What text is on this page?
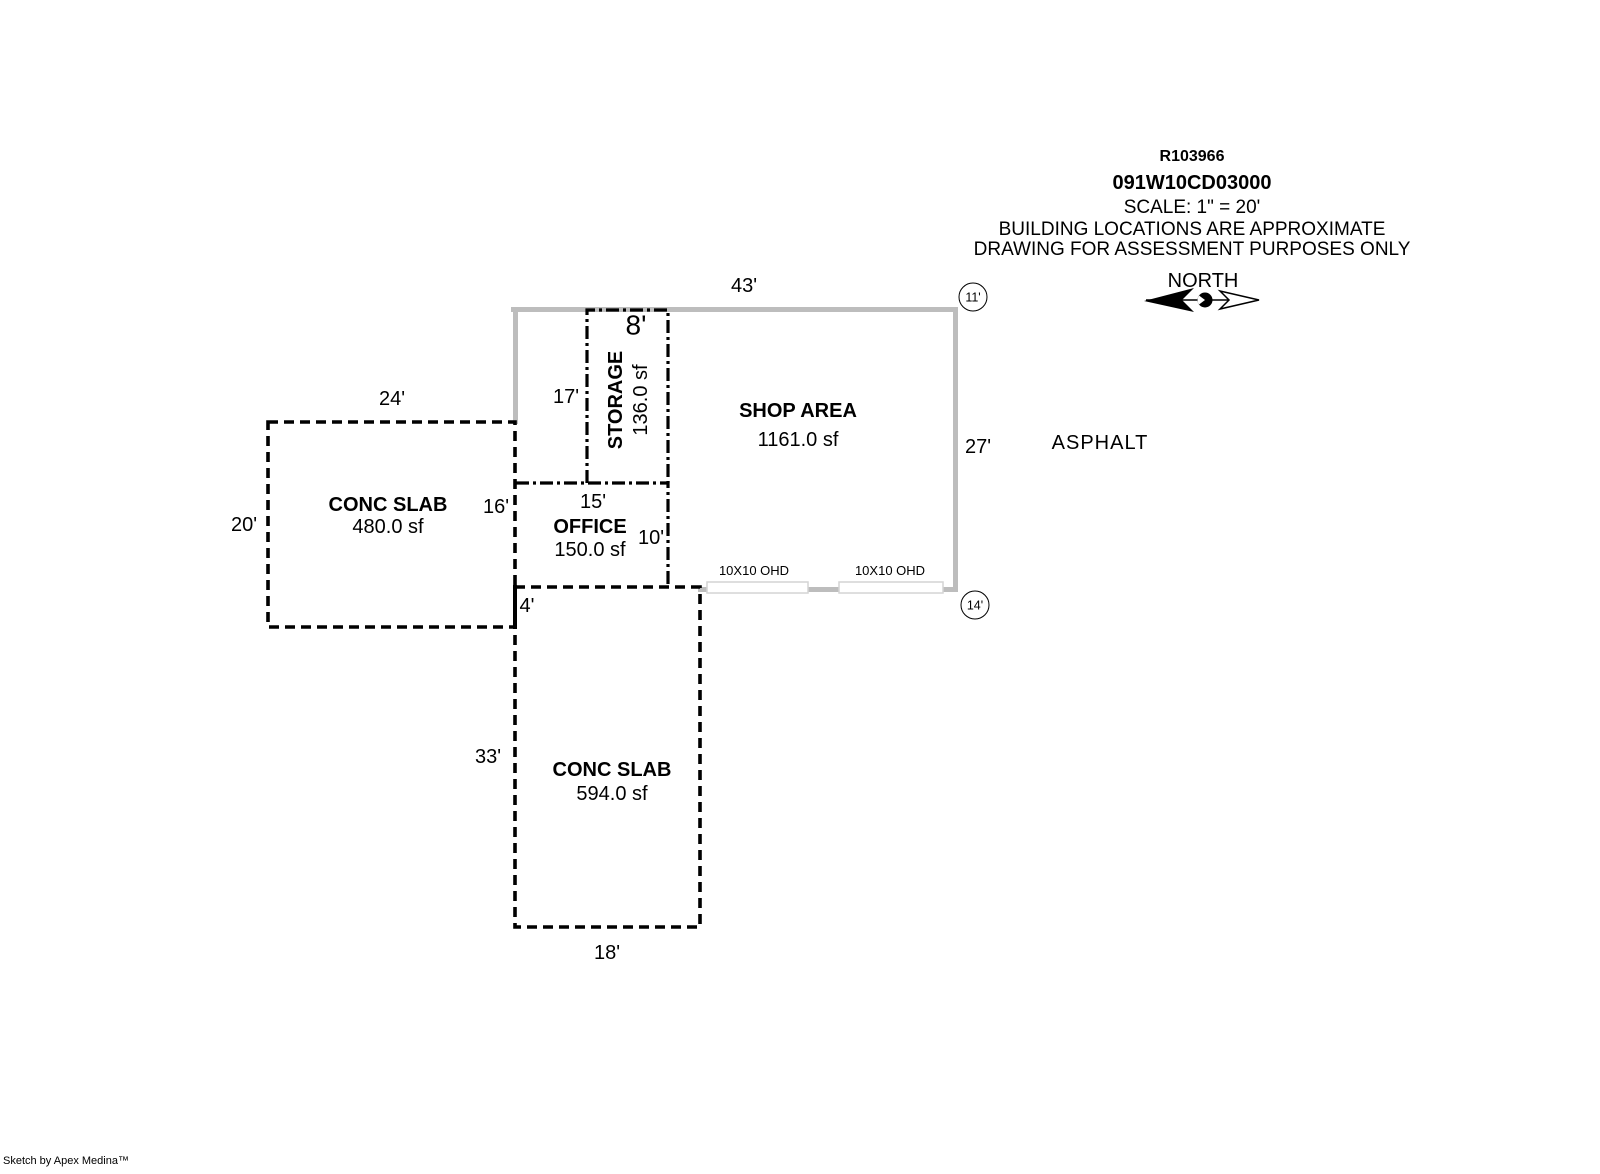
R103966
091W10CD03000
SCALE: 1" = 20'
BUILDING LOCATIONS ARE APPROXIMATE
DRAWING FOR ASSESSMENT PURPOSES ONLY
NORTH
ASPHALT
SHOP AREA
1161.0 sf
STORAGE 136.0 sf
OFFICE
150.0 sf
CONC SLAB
480.0 sf
CONC SLAB
594.0 sf
10X10 OHD	10X10 OHD
43'
27'
8'
17'
15'
10'
16'
24'
20'
4'
33'
18'
11'
14'
Sketch by Apex Medina™
